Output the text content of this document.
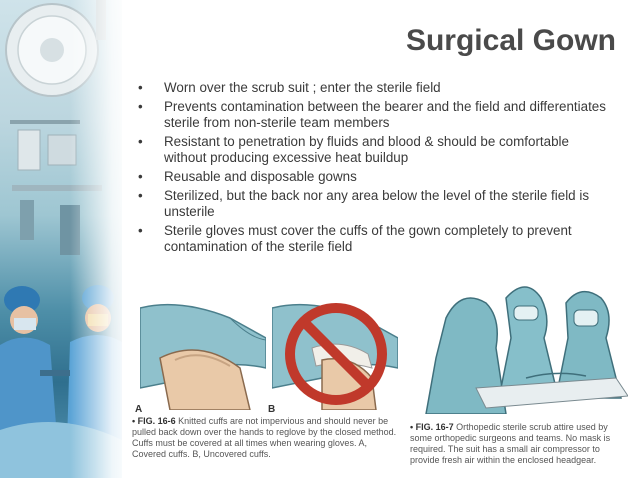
Surgical Gown
• Worn over the scrub suit ; enter the sterile field
• Prevents contamination between the bearer and the field and differentiates sterile from non-sterile team members
• Resistant to penetration by fluids and blood & should be comfortable without producing excessive heat buildup
• Reusable and disposable gowns
• Sterilized, but the back nor any area below the level of the sterile field is unsterile
• Sterile gloves must cover the cuffs of the gown completely to prevent contamination of the sterile field
A	B
• FIG. 16-6 Knitted cuffs are not impervious and should never be pulled back down over the hands to reglove by the closed method. Cuffs must be covered at all times when wearing gloves. A, Covered cuffs. B, Uncovered cuffs.
• FIG. 16-7 Orthopedic sterile scrub attire used by some orthopedic surgeons and teams. No mask is required. The suit has a small air compressor to provide fresh air within the enclosed headgear.
